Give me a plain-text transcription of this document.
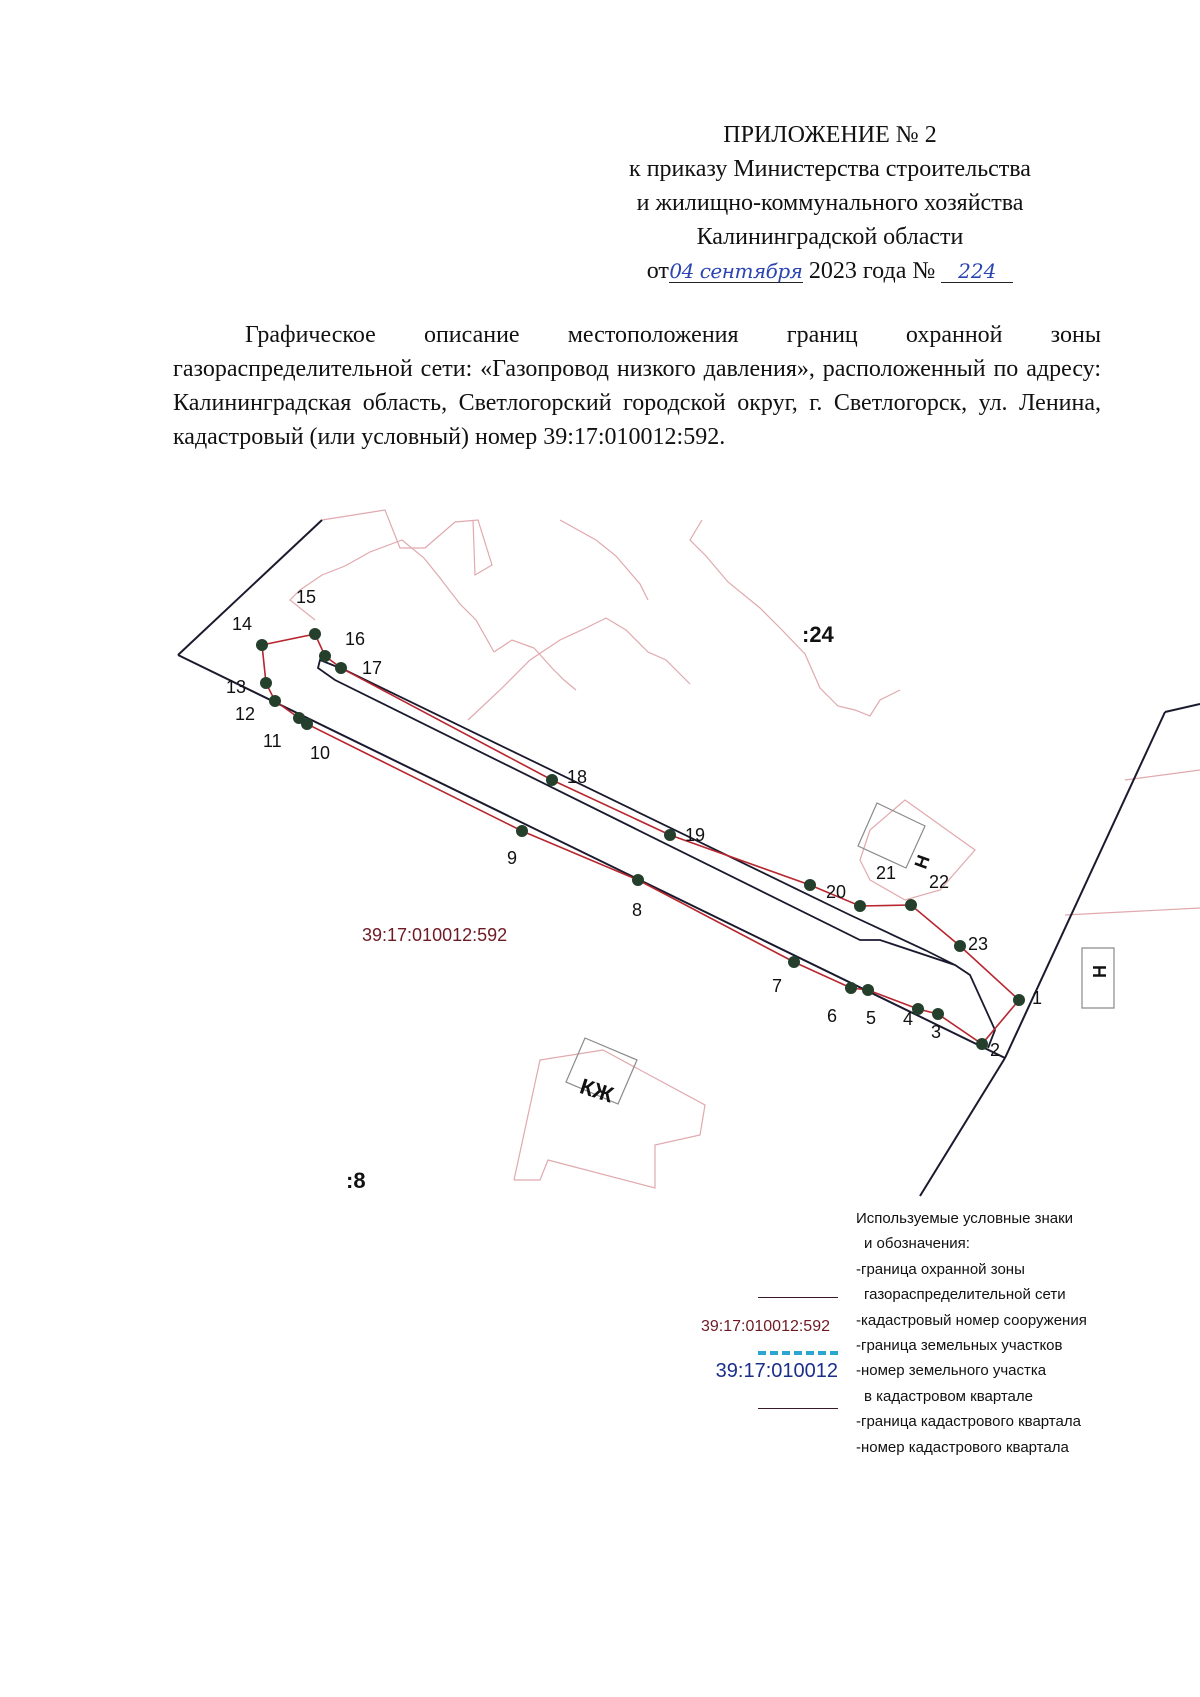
ПРИЛОЖЕНИЕ № 2
к приказу Министерства строительства
и жилищно-коммунального хозяйства
Калининградской области
от04 сентября 2023 года № 224

Графическое описание местоположения границ охранной зоны газораспределительной сети: «Газопровод низкого давления», расположенный по адресу: Калининградская область, Светлогорский городской округ, г. Светлогорск, ул. Ленина, кадастровый (или условный) номер 39:17:010012:592.

1
2
3
4
5
6
7
8
9
10
11
12
13
14
15
16
17
18
19
20
21 22
23
:24
:8
39:17:010012:592
Н
Н
КЖ
Используемые условные знаки
и обозначения:
-граница охранной зоны
газораспределительной сети
-кадастровый номер сооружения
-граница земельных участков
-номер земельного участка
в кадастровом квартале
-граница кадастрового квартала
-номер кадастрового квартала
39:17:010012:592
39:17:010012
